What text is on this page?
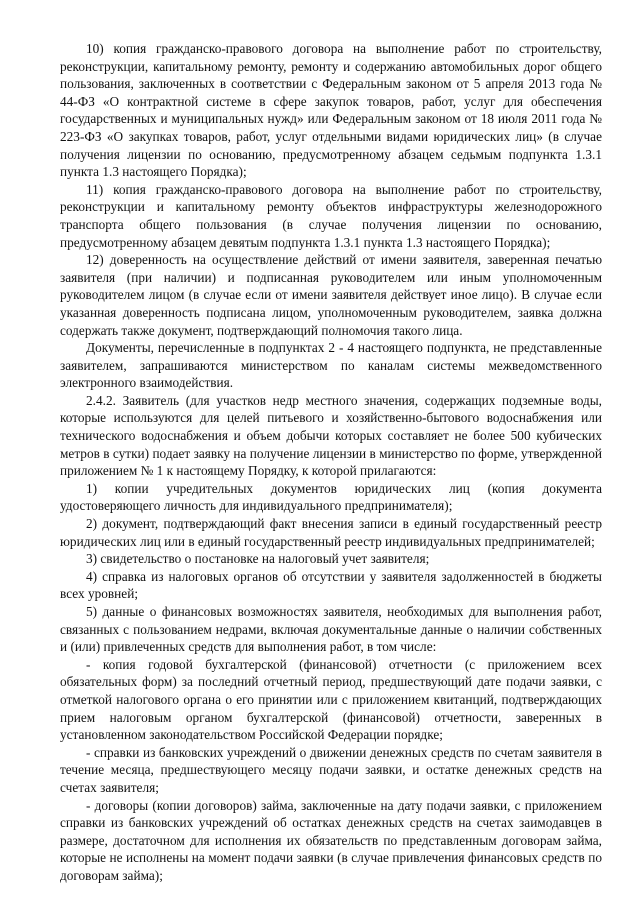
10) копия гражданско-правового договора на выполнение работ по строительству, реконструкции, капитальному ремонту, ремонту и содержанию автомобильных дорог общего пользования, заключенных в соответствии с Федеральным законом от 5 апреля 2013 года № 44-ФЗ «О контрактной системе в сфере закупок товаров, работ, услуг для обеспечения государственных и муниципальных нужд» или Федеральным законом от 18 июля 2011 года № 223-ФЗ «О закупках товаров, работ, услуг отдельными видами юридических лиц» (в случае получения лицензии по основанию, предусмотренному абзацем седьмым подпункта 1.3.1 пункта 1.3 настоящего Порядка);

11) копия гражданско-правового договора на выполнение работ по строительству, реконструкции и капитальному ремонту объектов инфраструктуры железнодорожного транспорта общего пользования (в случае получения лицензии по основанию, предусмотренному абзацем девятым подпункта 1.3.1 пункта 1.3 настоящего Порядка);

12) доверенность на осуществление действий от имени заявителя, заверенная печатью заявителя (при наличии) и подписанная руководителем или иным уполномоченным руководителем лицом (в случае если от имени заявителя действует иное лицо). В случае если указанная доверенность подписана лицом, уполномоченным руководителем, заявка должна содержать также документ, подтверждающий полномочия такого лица.

Документы, перечисленные в подпунктах 2 - 4 настоящего подпункта, не представленные заявителем, запрашиваются министерством по каналам системы межведомственного электронного взаимодействия.

2.4.2. Заявитель (для участков недр местного значения, содержащих подземные воды, которые используются для целей питьевого и хозяйственно-бытового водоснабжения или технического водоснабжения и объем добычи которых составляет не более 500 кубических метров в сутки) подает заявку на получение лицензии в министерство по форме, утвержденной приложением № 1 к настоящему Порядку, к которой прилагаются:

1) копии учредительных документов юридических лиц (копия документа удостоверяющего личность для индивидуального предпринимателя);

2) документ, подтверждающий факт внесения записи в единый государственный реестр юридических лиц или в единый государственный реестр индивидуальных предпринимателей;

3) свидетельство о постановке на налоговый учет заявителя;

4) справка из налоговых органов об отсутствии у заявителя задолженностей в бюджеты всех уровней;

5) данные о финансовых возможностях заявителя, необходимых для выполнения работ, связанных с пользованием недрами, включая документальные данные о наличии собственных и (или) привлеченных средств для выполнения работ, в том числе:

- копия годовой бухгалтерской (финансовой) отчетности (с приложением всех обязательных форм) за последний отчетный период, предшествующий дате подачи заявки, с отметкой налогового органа о его принятии или с приложением квитанций, подтверждающих прием налоговым органом бухгалтерской (финансовой) отчетности, заверенных в установленном законодательством Российской Федерации порядке;

- справки из банковских учреждений о движении денежных средств по счетам заявителя в течение месяца, предшествующего месяцу подачи заявки, и остатке денежных средств на счетах заявителя;

- договоры (копии договоров) займа, заключенные на дату подачи заявки, с приложением справки из банковских учреждений об остатках денежных средств на счетах заимодавцев в размере, достаточном для исполнения их обязательств по представленным договорам займа, которые не исполнены на момент подачи заявки (в случае привлечения финансовых средств по договорам займа);
